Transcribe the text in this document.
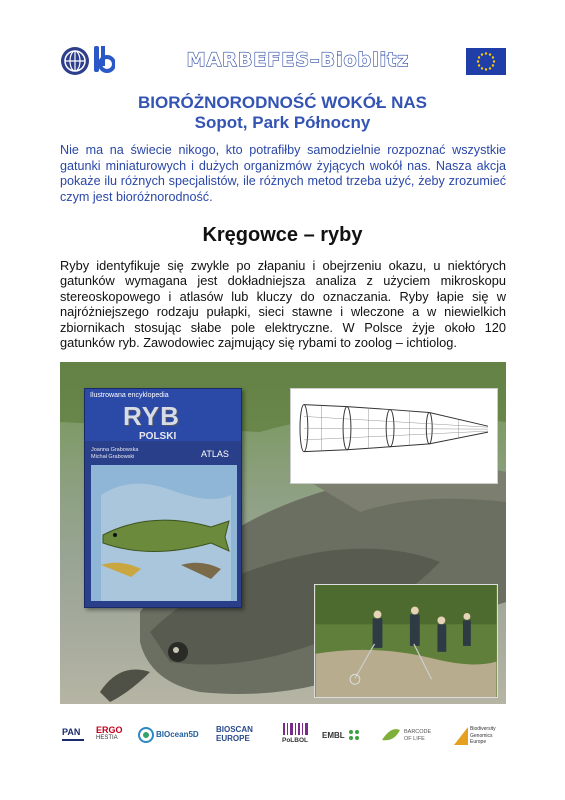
MARBEFES–Bioblitz
BIORÓŻNORODNOŚĆ WOKÓŁ NAS
Sopot, Park Północny
Nie ma na świecie nikogo, kto potrafiłby samodzielnie rozpoznać wszystkie gatunki miniaturowych i dużych organizmów żyjących wokół nas. Nasza akcja pokaże ilu różnych specjalistów, ile różnych metod trzeba użyć, żeby zrozumieć czym jest bioróżnorodność.
Kręgowce – ryby
Ryby identyfikuje się zwykle po złapaniu i obejrzeniu okazu, u niektórych gatunków wymagana jest dokładniejsza analiza z użyciem mikroskopu stereoskopowego i atlasów lub kluczy do oznaczania. Ryby łapie się w najróżniejszego rodzaju pułapki, sieci stawne i wleczone a w niewielkich zbiornikach stosując słabe pole elektryczne. W Polsce żyje około 120 gatunków ryb. Zawodowiec zajmujący się rybami to zoolog – ichtiolog.
Ilustrowana encyklopedia
RYB
POLSKI
Joanna Grabowska
Michał Grabowski	ATLAS
PAN	ERGO
HESTIA	BIOcean5D
BIOSCAN
EUROPE	PoLBOL
EMBL	BARCODE
OF LIFE
Biodiversity
Genomics
Europe
